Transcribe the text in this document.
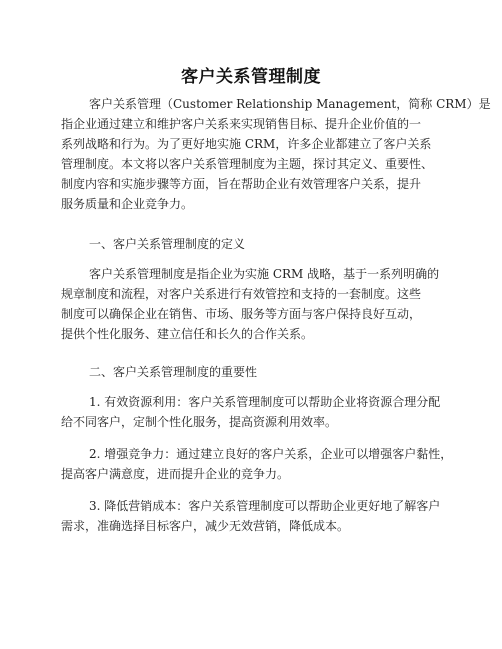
客户关系管理制度
客户关系管理（Customer Relationship Management，简称 CRM）是
指企业通过建立和维护客户关系来实现销售目标、提升企业价值的一
系列战略和行为。为了更好地实施 CRM，许多企业都建立了客户关系
管理制度。本文将以客户关系管理制度为主题，探讨其定义、重要性、
制度内容和实施步骤等方面，旨在帮助企业有效管理客户关系，提升
服务质量和企业竞争力。
一、客户关系管理制度的定义
客户关系管理制度是指企业为实施 CRM 战略，基于一系列明确的
规章制度和流程，对客户关系进行有效管控和支持的一套制度。这些
制度可以确保企业在销售、市场、服务等方面与客户保持良好互动，
提供个性化服务、建立信任和长久的合作关系。
二、客户关系管理制度的重要性
1. 有效资源利用：客户关系管理制度可以帮助企业将资源合理分配
给不同客户，定制个性化服务，提高资源利用效率。
2. 增强竞争力：通过建立良好的客户关系，企业可以增强客户黏性，
提高客户满意度，进而提升企业的竞争力。
3. 降低营销成本：客户关系管理制度可以帮助企业更好地了解客户
需求，准确选择目标客户，减少无效营销，降低成本。
